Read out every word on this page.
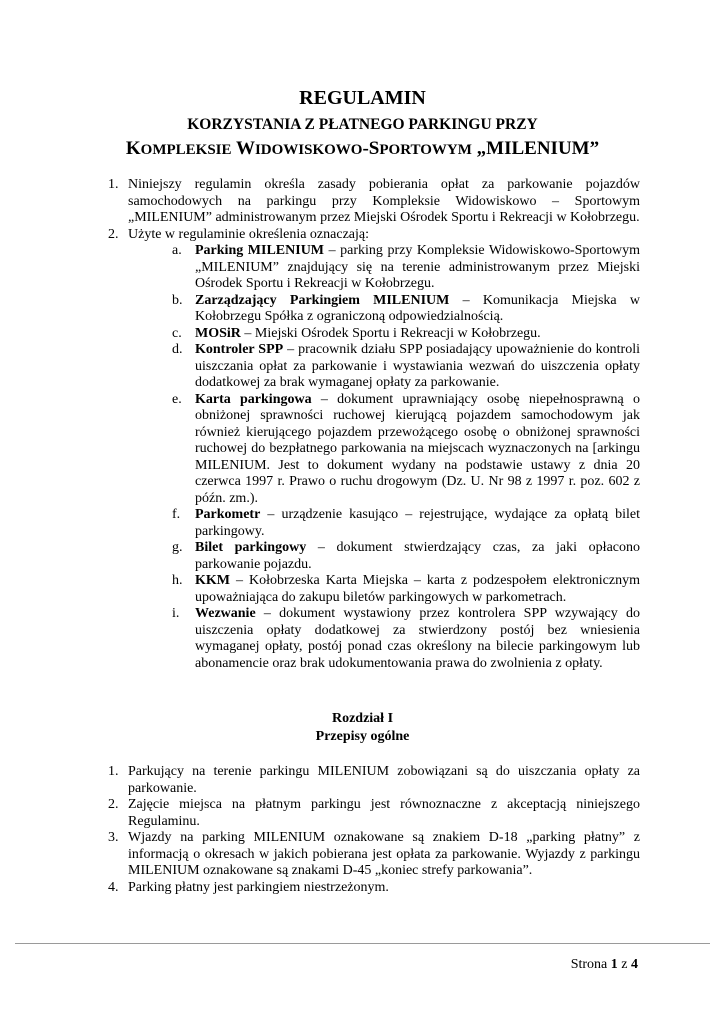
REGULAMIN
KORZYSTANIA Z PŁATNEGO PARKINGU PRZY
KOMPLEKSIE WIDOWISKOWO-SPORTOWYM „MILENIUM”
1. Niniejszy regulamin określa zasady pobierania opłat za parkowanie pojazdów samochodowych na parkingu przy Kompleksie Widowiskowo – Sportowym „MILENIUM” administrowanym przez Miejski Ośrodek Sportu i Rekreacji w Kołobrzegu.
2. Użyte w regulaminie określenia oznaczają:
a. Parking MILENIUM – parking przy Kompleksie Widowiskowo-Sportowym „MILENIUM” znajdujący się na terenie administrowanym przez Miejski Ośrodek Sportu i Rekreacji w Kołobrzegu.
b. Zarządzający Parkingiem MILENIUM – Komunikacja Miejska w Kołobrzegu Spółka z ograniczoną odpowiedzialnością.
c. MOSiR – Miejski Ośrodek Sportu i Rekreacji w Kołobrzegu.
d. Kontroler SPP – pracownik działu SPP posiadający upoważnienie do kontroli uiszczania opłat za parkowanie i wystawiania wezwań do uiszczenia opłaty dodatkowej za brak wymaganej opłaty za parkowanie.
e. Karta parkingowa – dokument uprawniający osobę niepełnosprawną o obniżonej sprawności ruchowej kierującą pojazdem samochodowym jak również kierującego pojazdem przewożącego osobę o obniżonej sprawności ruchowej do bezpłatnego parkowania na miejscach wyznaczonych na [arkingu MILENIUM. Jest to dokument wydany na podstawie ustawy z dnia 20 czerwca 1997 r. Prawo o ruchu drogowym (Dz. U. Nr 98 z 1997 r. poz. 602 z późn. zm.).
f. Parkometr – urządzenie kasująco – rejestrujące, wydające za opłatą bilet parkingowy.
g. Bilet parkingowy – dokument stwierdzający czas, za jaki opłacono parkowanie pojazdu.
h. KKM – Kołobrzeska Karta Miejska – karta z podzespołem elektronicznym upoważniająca do zakupu biletów parkingowych w parkometrach.
i. Wezwanie – dokument wystawiony przez kontrolera SPP wzywający do uiszczenia opłaty dodatkowej za stwierdzony postój bez wniesienia wymaganej opłaty, postój ponad czas określony na bilecie parkingowym lub abonamencie oraz brak udokumentowania prawa do zwolnienia z opłaty.
Rozdział I
Przepisy ogólne
1. Parkujący na terenie parkingu MILENIUM zobowiązani są do uiszczania opłaty za parkowanie.
2. Zajęcie miejsca na płatnym parkingu jest równoznaczne z akceptacją niniejszego Regulaminu.
3. Wjazdy na parking MILENIUM oznakowane są znakiem D-18 „parking płatny” z informacją o okresach w jakich pobierana jest opłata za parkowanie. Wyjazdy z parkingu MILENIUM oznakowane są znakami D-45 „koniec strefy parkowania”.
4. Parking płatny jest parkingiem niestrzeżonym.
Strona 1 z 4
